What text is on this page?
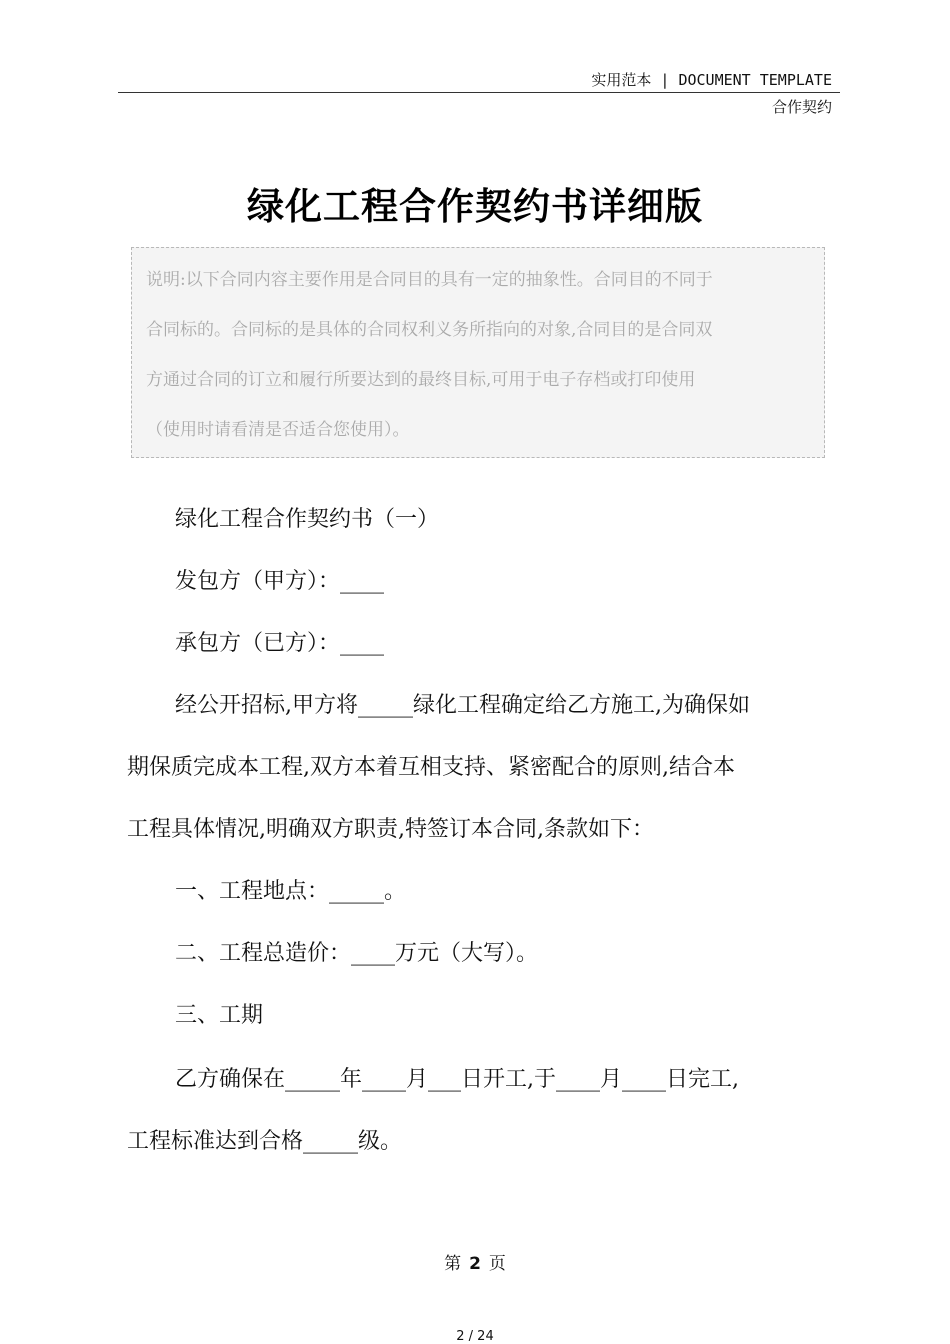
实用范本 | DOCUMENT TEMPLATE
合作契约
绿化工程合作契约书详细版
说明:以下合同内容主要作用是合同目的具有一定的抽象性。合同目的不同于
合同标的。合同标的是具体的合同权利义务所指向的对象,合同目的是合同双
方通过合同的订立和履行所要达到的最终目标,可用于电子存档或打印使用
（使用时请看清是否适合您使用）。
绿化工程合作契约书（一）
发包方（甲方）：____
承包方（已方）：____
经公开招标,甲方将_____绿化工程确定给乙方施工,为确保如
期保质完成本工程,双方本着互相支持、紧密配合的原则,结合本
工程具体情况,明确双方职责,特签订本合同,条款如下：
一、工程地点：_____。
二、工程总造价：____万元（大写）。
三、工期
乙方确保在_____年____月___日开工,于____月____日完工,
工程标准达到合格_____级。
第 2 页
2 / 24
